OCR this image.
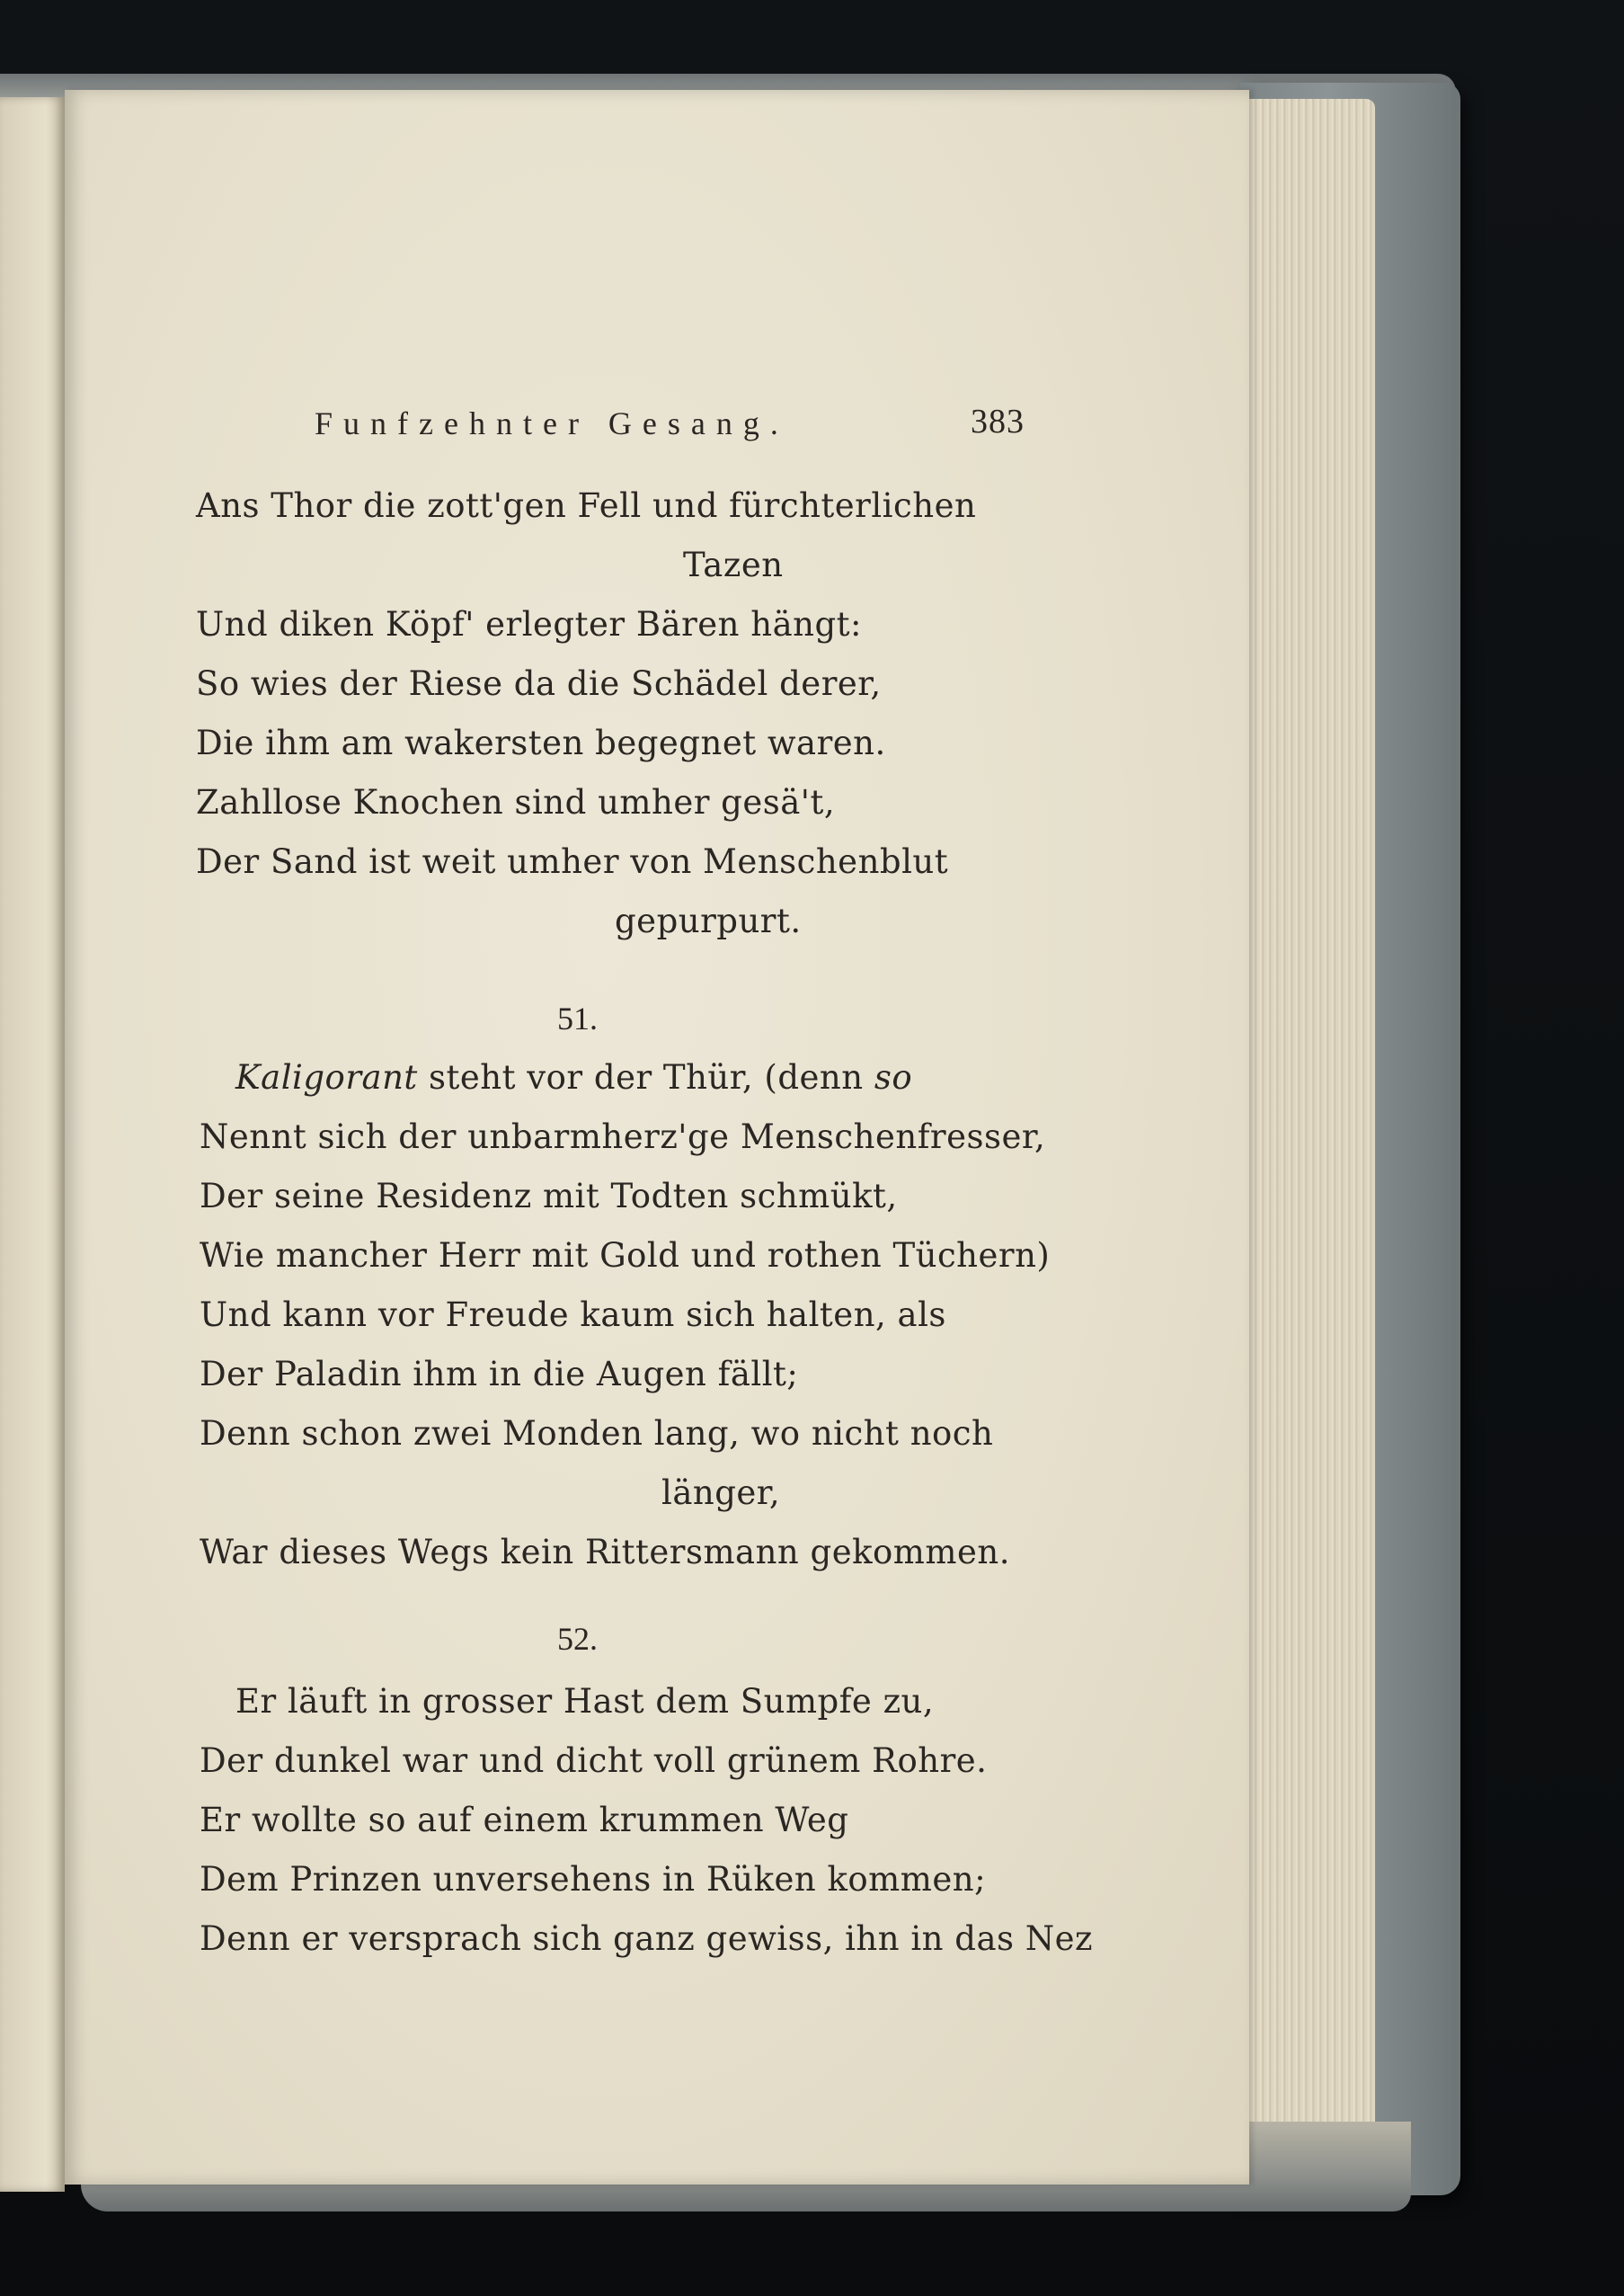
Funfzehnter Gesang.	383
Ans Thor die zott'gen Fell und fürchterlichen
Tazen
Und diken Köpf' erlegter Bären hängt:
So wies der Riese da die Schädel derer,
Die ihm am wakersten begegnet waren.
Zahllose Knochen sind umher gesä't,
Der Sand ist weit umher von Menschenblut
gepurpurt.
51.
Kaligorant steht vor der Thür, (denn so
Nennt sich der unbarmherz'ge Menschenfresser,
Der seine Residenz mit Todten schmükt,
Wie mancher Herr mit Gold und rothen Tüchern)
Und kann vor Freude kaum sich halten, als
Der Paladin ihm in die Augen fällt;
Denn schon zwei Monden lang, wo nicht noch
länger,
War dieses Wegs kein Rittersmann gekommen.
52.
Er läuft in grosser Hast dem Sumpfe zu,
Der dunkel war und dicht voll grünem Rohre.
Er wollte so auf einem krummen Weg
Dem Prinzen unversehens in Rüken kommen;
Denn er versprach sich ganz gewiss, ihn in das Nez
